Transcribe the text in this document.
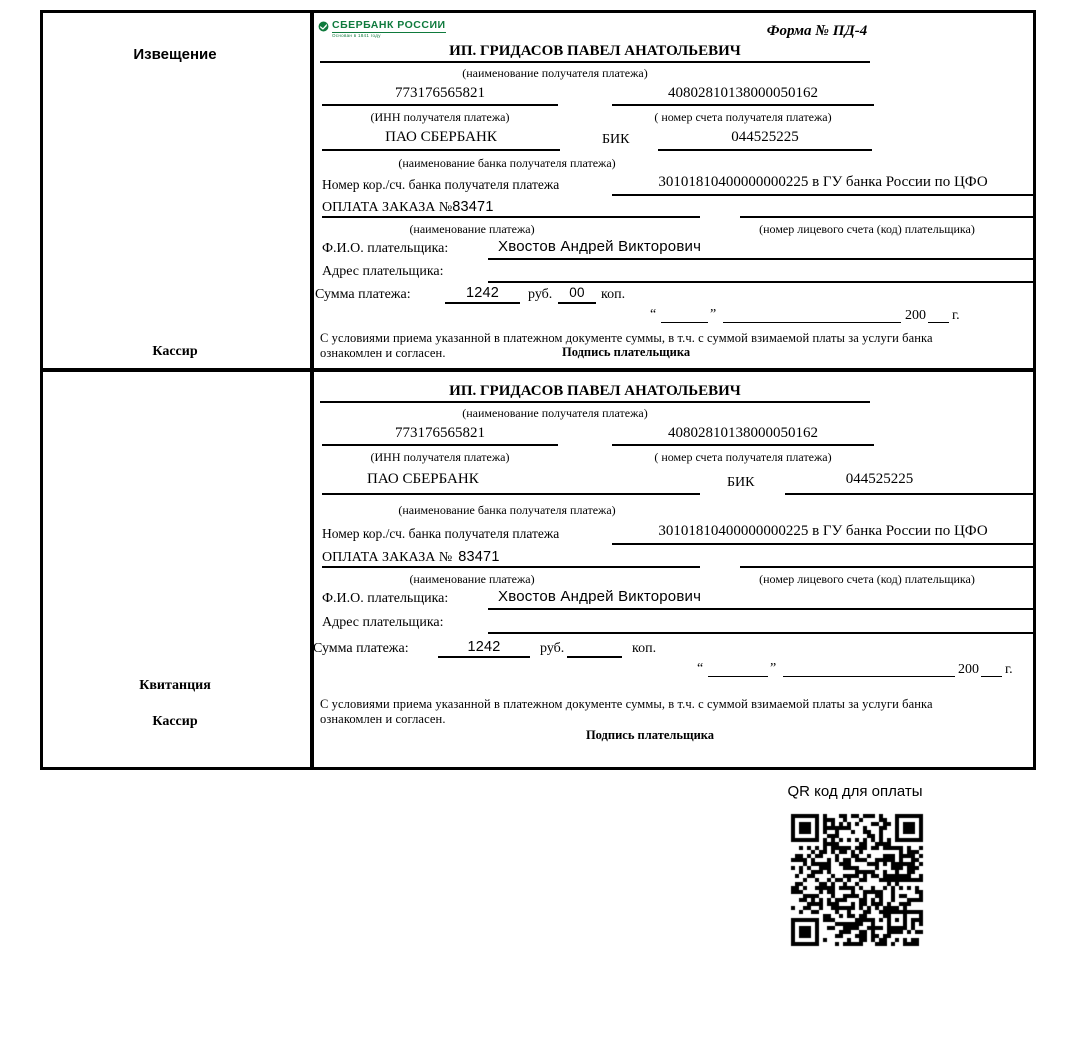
Извещение
Кассир
СБЕРБАНК РОССИИ
Основан в 1841 году	Форма № ПД-4
ИП. ГРИДАСОВ ПАВЕЛ АНАТОЛЬЕВИЧ
(наименование получателя платежа)
773176565821	40802810138000050162
(ИНН получателя платежа)	( номер счета получателя платежа)
ПАО СБЕРБАНК	БИК	044525225
(наименование банка получателя платежа)
Номер кор./сч. банка получателя платежа	30101810400000000225 в ГУ банка России по ЦФО
ОПЛАТА ЗАКАЗА №83471
(наименование платежа)	(номер лицевого счета (код) плательщика)
Ф.И.О. плательщика:	Хвостов Андрей Викторович
Адрес плательщика:
Сумма платежа:	1242	руб.	00	коп.
“	”	200 г.
С условиями приема указанной в платежном документе суммы, в т.ч. с суммой взимаемой платы за услуги банка
ознакомлен и согласен.	Подпись плательщика
Квитанция
Кассир
ИП. ГРИДАСОВ ПАВЕЛ АНАТОЛЬЕВИЧ
(наименование получателя платежа)
773176565821	40802810138000050162
(ИНН получателя платежа)	( номер счета получателя платежа)
ПАО СБЕРБАНК	БИК	044525225
(наименование банка получателя платежа)
Номер кор./сч. банка получателя платежа	30101810400000000225 в ГУ банка России по ЦФО
ОПЛАТА ЗАКАЗА № 83471
(наименование платежа)	(номер лицевого счета (код) плательщика)
Ф.И.О. плательщика:	Хвостов Андрей Викторович
Адрес плательщика:
Сумма платежа:	1242	руб.	коп.
“	”	200 г.
С условиями приема указанной в платежном документе суммы, в т.ч. с суммой взимаемой платы за услуги банка
ознакомлен и согласен.
Подпись плательщика
QR код для оплаты
